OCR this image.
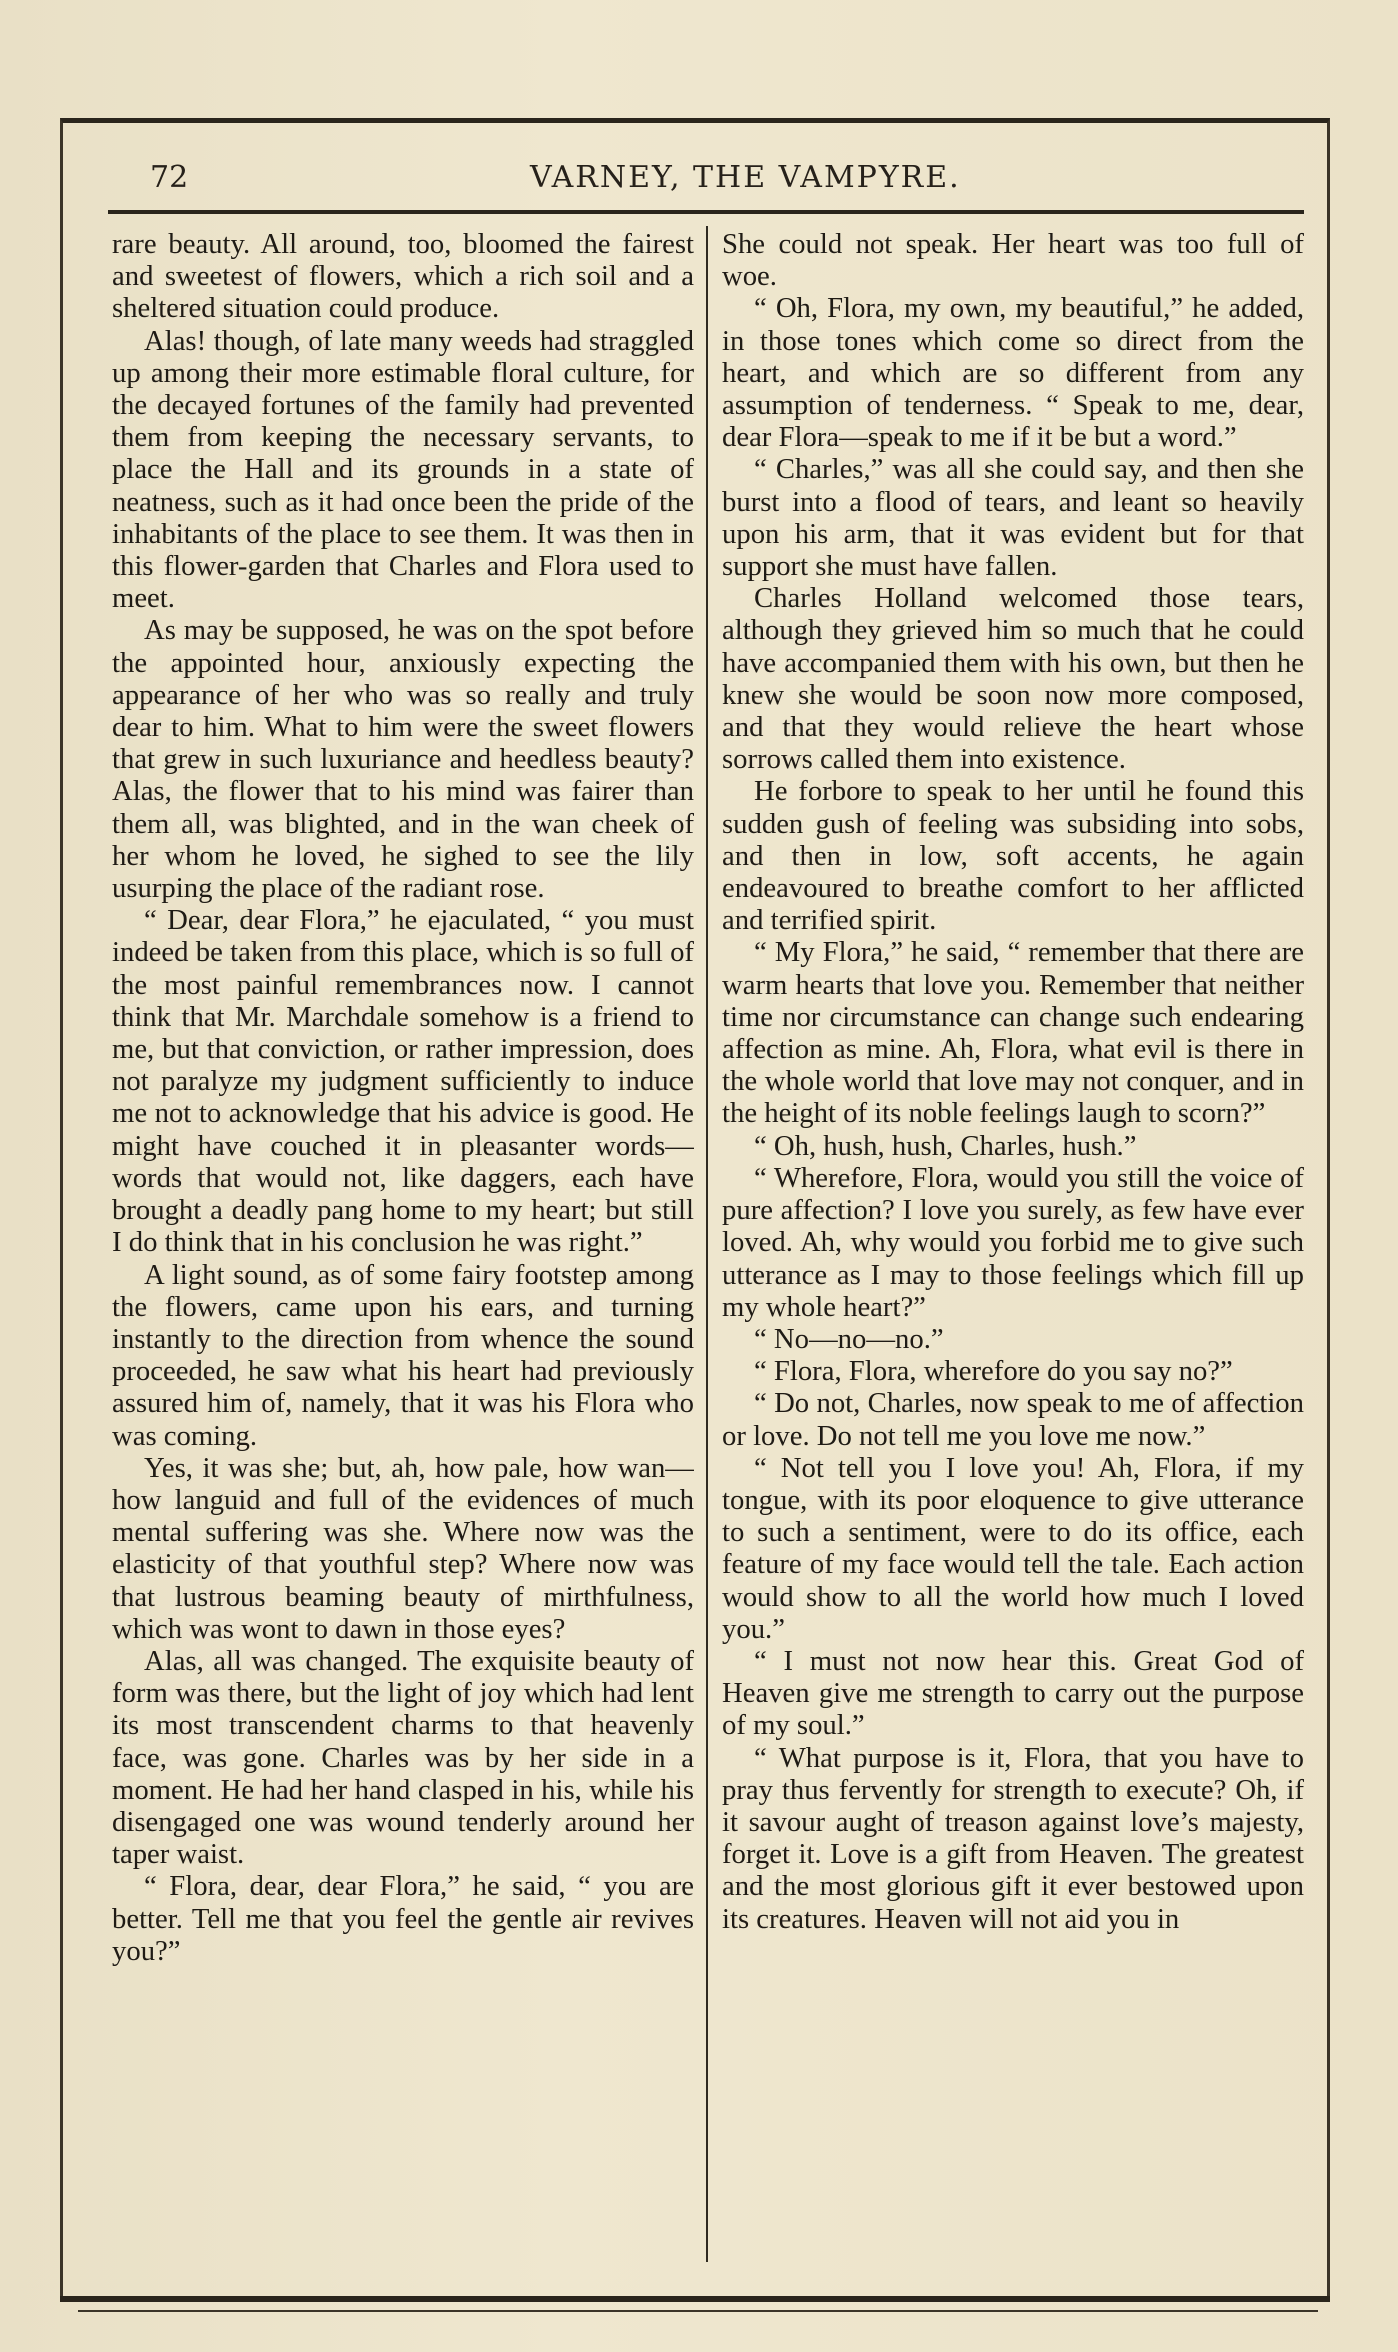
72	VARNEY, THE VAMPYRE.

rare beauty. All around, too, bloomed the fairest and sweetest of flowers, which a rich soil and a sheltered situation could produce.

Alas! though, of late many weeds had straggled up among their more estimable floral culture, for the decayed fortunes of the family had prevented them from keeping the necessary servants, to place the Hall and its grounds in a state of neatness, such as it had once been the pride of the inhabitants of the place to see them. It was then in this flower-garden that Charles and Flora used to meet.

As may be supposed, he was on the spot before the appointed hour, anxiously expecting the appearance of her who was so really and truly dear to him. What to him were the sweet flowers that grew in such luxuriance and heedless beauty? Alas, the flower that to his mind was fairer than them all, was blighted, and in the wan cheek of her whom he loved, he sighed to see the lily usurping the place of the radiant rose.

“ Dear, dear Flora,” he ejaculated, “ you must indeed be taken from this place, which is so full of the most painful remembrances now. I cannot think that Mr. Marchdale somehow is a friend to me, but that conviction, or rather impression, does not paralyze my judgment sufficiently to induce me not to acknowledge that his advice is good. He might have couched it in pleasanter words—words that would not, like daggers, each have brought a deadly pang home to my heart; but still I do think that in his conclusion he was right.”

A light sound, as of some fairy footstep among the flowers, came upon his ears, and turning instantly to the direction from whence the sound proceeded, he saw what his heart had previously assured him of, namely, that it was his Flora who was coming.

Yes, it was she; but, ah, how pale, how wan—how languid and full of the evidences of much mental suffering was she. Where now was the elasticity of that youthful step? Where now was that lustrous beaming beauty of mirthfulness, which was wont to dawn in those eyes?

Alas, all was changed. The exquisite beauty of form was there, but the light of joy which had lent its most transcendent charms to that heavenly face, was gone. Charles was by her side in a moment. He had her hand clasped in his, while his disengaged one was wound tenderly around her taper waist.

“ Flora, dear, dear Flora,” he said, “ you are better. Tell me that you feel the gentle air revives you?”

She could not speak. Her heart was too full of woe.

“ Oh, Flora, my own, my beautiful,” he added, in those tones which come so direct from the heart, and which are so different from any assumption of tenderness. “ Speak to me, dear, dear Flora—speak to me if it be but a word.”

“ Charles,” was all she could say, and then she burst into a flood of tears, and leant so heavily upon his arm, that it was evident but for that support she must have fallen.

Charles Holland welcomed those tears, although they grieved him so much that he could have accompanied them with his own, but then he knew she would be soon now more composed, and that they would relieve the heart whose sorrows called them into existence.

He forbore to speak to her until he found this sudden gush of feeling was subsiding into sobs, and then in low, soft accents, he again endeavoured to breathe comfort to her afflicted and terrified spirit.

“ My Flora,” he said, “ remember that there are warm hearts that love you. Remember that neither time nor circumstance can change such endearing affection as mine. Ah, Flora, what evil is there in the whole world that love may not conquer, and in the height of its noble feelings laugh to scorn?”

“ Oh, hush, hush, Charles, hush.”

“ Wherefore, Flora, would you still the voice of pure affection? I love you surely, as few have ever loved. Ah, why would you forbid me to give such utterance as I may to those feelings which fill up my whole heart?”

“ No—no—no.”

“ Flora, Flora, wherefore do you say no?”

“ Do not, Charles, now speak to me of affection or love. Do not tell me you love me now.”

“ Not tell you I love you! Ah, Flora, if my tongue, with its poor eloquence to give utterance to such a sentiment, were to do its office, each feature of my face would tell the tale. Each action would show to all the world how much I loved you.”

“ I must not now hear this. Great God of Heaven give me strength to carry out the purpose of my soul.”

“ What purpose is it, Flora, that you have to pray thus fervently for strength to execute? Oh, if it savour aught of treason against love’s majesty, forget it. Love is a gift from Heaven. The greatest and the most glorious gift it ever bestowed upon its creatures. Heaven will not aid you in
